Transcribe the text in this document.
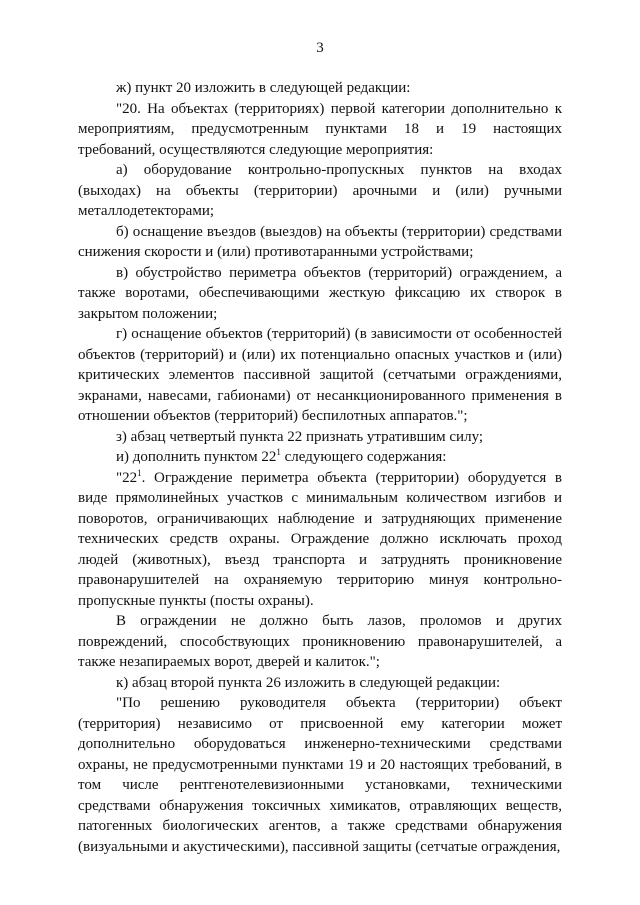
3

ж) пункт 20 изложить в следующей редакции:

"20. На объектах (территориях) первой категории дополнительно к мероприятиям, предусмотренным пунктами 18 и 19 настоящих требований, осуществляются следующие мероприятия:

а) оборудование контрольно-пропускных пунктов на входах (выходах) на объекты (территории) арочными и (или) ручными металлодетекторами;

б) оснащение въездов (выездов) на объекты (территории) средствами снижения скорости и (или) противотаранными устройствами;

в) обустройство периметра объектов (территорий) ограждением, а также воротами, обеспечивающими жесткую фиксацию их створок в закрытом положении;

г) оснащение объектов (территорий) (в зависимости от особенностей объектов (территорий) и (или) их потенциально опасных участков и (или) критических элементов пассивной защитой (сетчатыми ограждениями, экранами, навесами, габионами) от несанкционированного применения в отношении объектов (территорий) беспилотных аппаратов.";

з) абзац четвертый пункта 22 признать утратившим силу;

и) дополнить пунктом $22^1$ следующего содержания:

"$22^1$. Ограждение периметра объекта (территории) оборудуется в виде прямолинейных участков с минимальным количеством изгибов и поворотов, ограничивающих наблюдение и затрудняющих применение технических средств охраны. Ограждение должно исключать проход людей (животных), въезд транспорта и затруднять проникновение правонарушителей на охраняемую территорию минуя контрольно-пропускные пункты (посты охраны).

В ограждении не должно быть лазов, проломов и других повреждений, способствующих проникновению правонарушителей, а также незапираемых ворот, дверей и калиток.";

к) абзац второй пункта 26 изложить в следующей редакции:

"По решению руководителя объекта (территории) объект (территория) независимо от присвоенной ему категории может дополнительно оборудоваться инженерно-техническими средствами охраны, не предусмотренными пунктами 19 и 20 настоящих требований, в том числе рентгенотелевизионными установками, техническими средствами обнаружения токсичных химикатов, отравляющих веществ, патогенных биологических агентов, а также средствами обнаружения (визуальными и акустическими), пассивной защиты (сетчатые ограждения,
